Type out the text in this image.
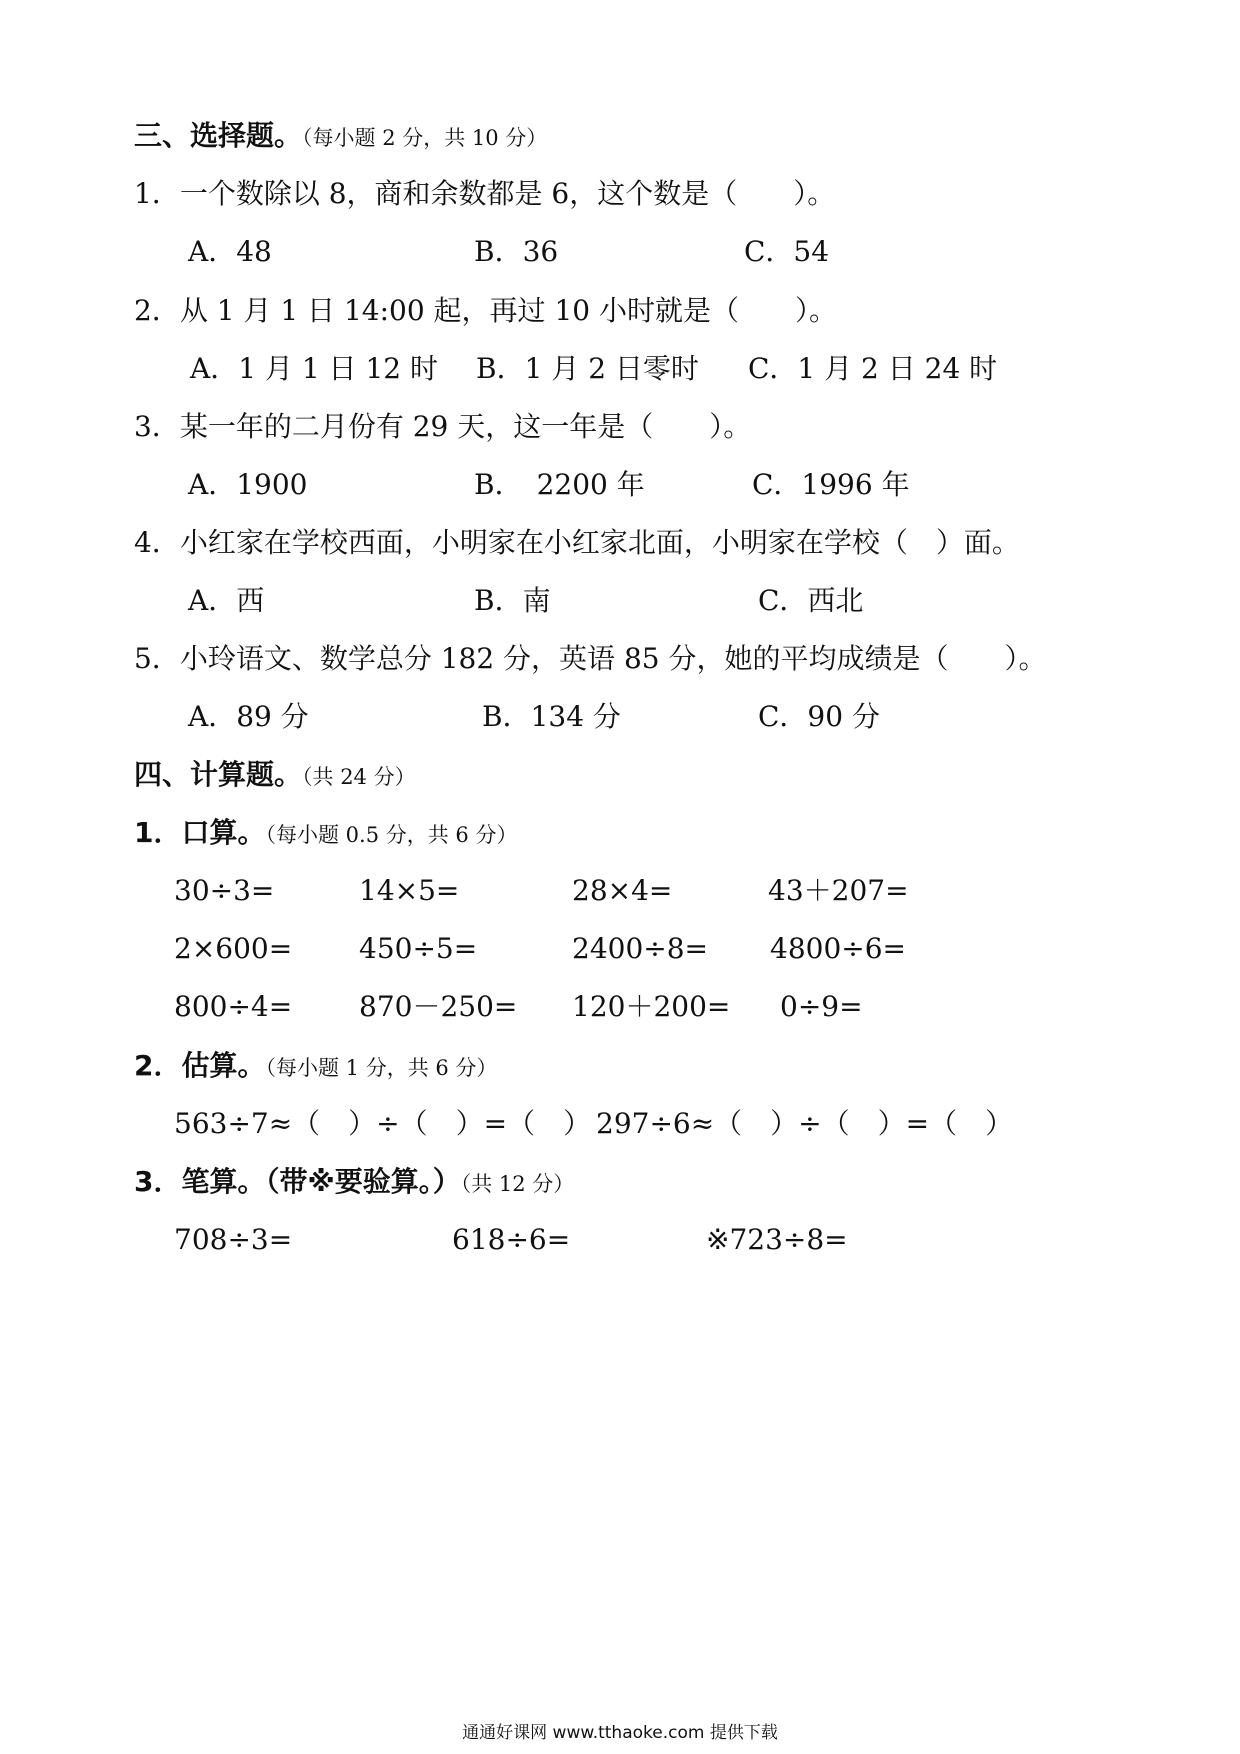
三、选择题。（每小题 2 分，共 10 分）
1．一个数除以 8，商和余数都是 6，这个数是（　　）。
A．48	B．36	C．54
2．从 1 月 1 日 14:00 起，再过 10 小时就是（　　）。
A．1 月 1 日 12 时 B．1 月 2 日零时 C．1 月 2 日 24 时
3．某一年的二月份有 29 天，这一年是（　　）。
A．1900	B．　2200 年	C．1996 年
4．小红家在学校西面，小明家在小红家北面，小明家在学校（　）面。
A．西	B．南	C．西北
5．小玲语文、数学总分 182 分，英语 85 分，她的平均成绩是（　　）。
A．89 分	B．134 分	C．90 分
四、计算题。（共 24 分）
1．口算。（每小题 0.5 分，共 6 分）
30÷3=	14×5=	28×4=	43＋207=
2×600= 450÷5=	2400÷8= 4800÷6=
800÷4= 870－250= 120＋200= 0÷9=
2．估算。（每小题 1 分，共 6 分）
563÷7≈（　）÷（　）=（　） 297÷6≈（　）÷（　）=（　）
3．笔算。（带※要验算。）（共 12 分）
708÷3=	618÷6=	※723÷8=
通通好课网 www.tthaoke.com 提供下载
